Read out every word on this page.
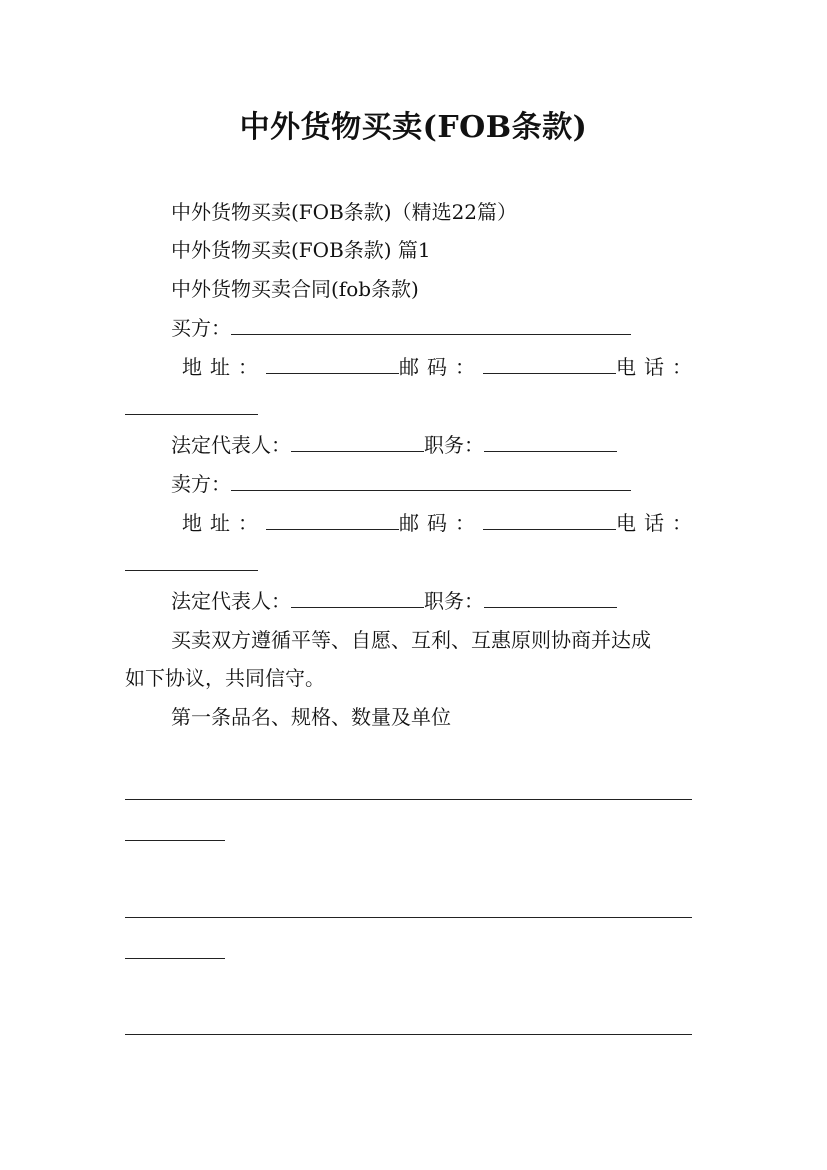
中外货物买卖(FOB条款)
中外货物买卖(FOB条款)（精选22篇）
中外货物买卖(FOB条款) 篇1
中外货物买卖合同(fob条款)
买方：
地址：	邮码：	电话：
法定代表人：	职务：
卖方：
地址：	邮码：	电话：
法定代表人：	职务：
买卖双方遵循平等、自愿、互利、互惠原则协商并达成
如下协议，共同信守。
第一条品名、规格、数量及单位
